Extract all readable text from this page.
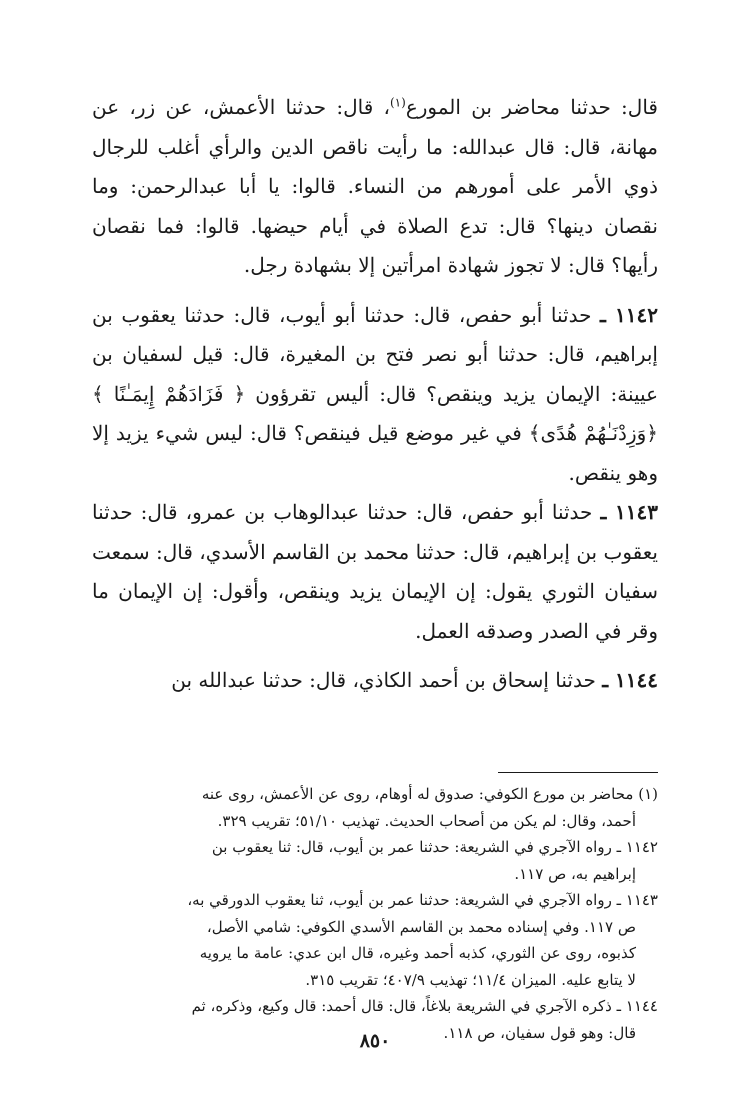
قال: حدثنا محاضر بن المورع$^{(١)}$، قال: حدثنا الأعمش، عن زر، عن مهانة، قال: قال عبدالله: ما رأيت ناقص الدين والرأي أغلب للرجال ذوي الأمر على أمورهم من النساء. قالوا: يا أبا عبدالرحمن: وما نقصان دينها؟ قال: تدع الصلاة في أيام حيضها. قالوا: فما نقصان رأيها؟ قال: لا تجوز شهادة امرأتين إلا بشهادة رجل.

١١٤٢ ـ حدثنا أبو حفص، قال: حدثنا أبو أيوب، قال: حدثنا يعقوب بن إبراهيم، قال: حدثنا أبو نصر فتح بن المغيرة، قال: قيل لسفيان بن عيينة: الإيمان يزيد وينقص؟ قال: أليس تقرؤون ﴿ فَزَادَهُمْ إِيمَـٰنًا ﴾ ﴿وَزِدْنَـٰهُمْ هُدًى﴾ في غير موضع قيل فينقص؟ قال: ليس شيء يزيد إلا وهو ينقص.

١١٤٣ ـ حدثنا أبو حفص، قال: حدثنا عبدالوهاب بن عمرو، قال: حدثنا يعقوب بن إبراهيم، قال: حدثنا محمد بن القاسم الأسدي، قال: سمعت سفيان الثوري يقول: إن الإيمان يزيد وينقص، وأقول: إن الإيمان ما وقر في الصدر وصدقه العمل.

١١٤٤ ـ حدثنا إسحاق بن أحمد الكاذي، قال: حدثنا عبدالله بن

(١) محاضر بن مورع الكوفي: صدوق له أوهام، روى عن الأعمش، روى عنه

أحمد، وقال: لم يكن من أصحاب الحديث. تهذيب ٥١/١٠؛ تقريب ٣٢٩.

١١٤٢ ـ رواه الآجري في الشريعة: حدثنا عمر بن أيوب، قال: ثنا يعقوب بن

إبراهيم به، ص ١١٧.

١١٤٣ ـ رواه الآجري في الشريعة: حدثنا عمر بن أيوب، ثنا يعقوب الدورقي به،

ص ١١٧. وفي إسناده محمد بن القاسم الأسدي الكوفي: شامي الأصل،

كذبوه، روى عن الثوري، كذبه أحمد وغيره، قال ابن عدي: عامة ما يرويه

لا يتابع عليه. الميزان ١١/٤؛ تهذيب ٤٠٧/٩؛ تقريب ٣١٥.

١١٤٤ ـ ذكره الآجري في الشريعة بلاغاً، قال: قال أحمد: قال وكيع، وذكره، ثم

قال: وهو قول سفيان، ص ١١٨.

٨٥٠
